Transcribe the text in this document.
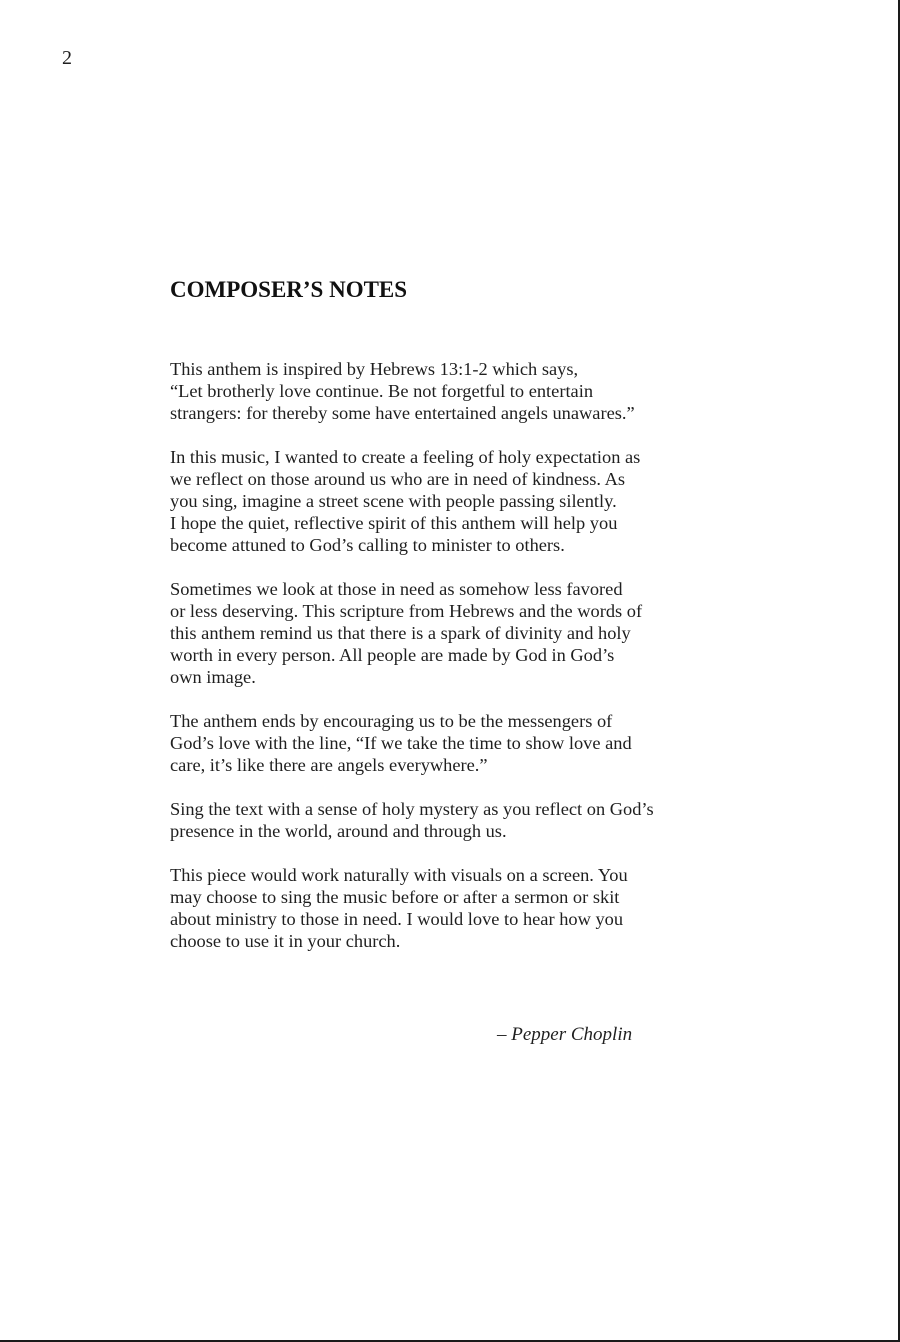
2
COMPOSER’S NOTES

This anthem is inspired by Hebrews 13:1-2 which says,
“Let brotherly love continue. Be not forgetful to entertain
strangers: for thereby some have entertained angels unawares.”

In this music, I wanted to create a feeling of holy expectation as
we reflect on those around us who are in need of kindness. As
you sing, imagine a street scene with people passing silently.
I hope the quiet, reflective spirit of this anthem will help you
become attuned to God’s calling to minister to others.

Sometimes we look at those in need as somehow less favored
or less deserving. This scripture from Hebrews and the words of
this anthem remind us that there is a spark of divinity and holy
worth in every person. All people are made by God in God’s
own image.

The anthem ends by encouraging us to be the messengers of
God’s love with the line, “If we take the time to show love and
care, it’s like there are angels everywhere.”

Sing the text with a sense of holy mystery as you reflect on God’s
presence in the world, around and through us.

This piece would work naturally with visuals on a screen. You
may choose to sing the music before or after a sermon or skit
about ministry to those in need. I would love to hear how you
choose to use it in your church.

– Pepper Choplin
